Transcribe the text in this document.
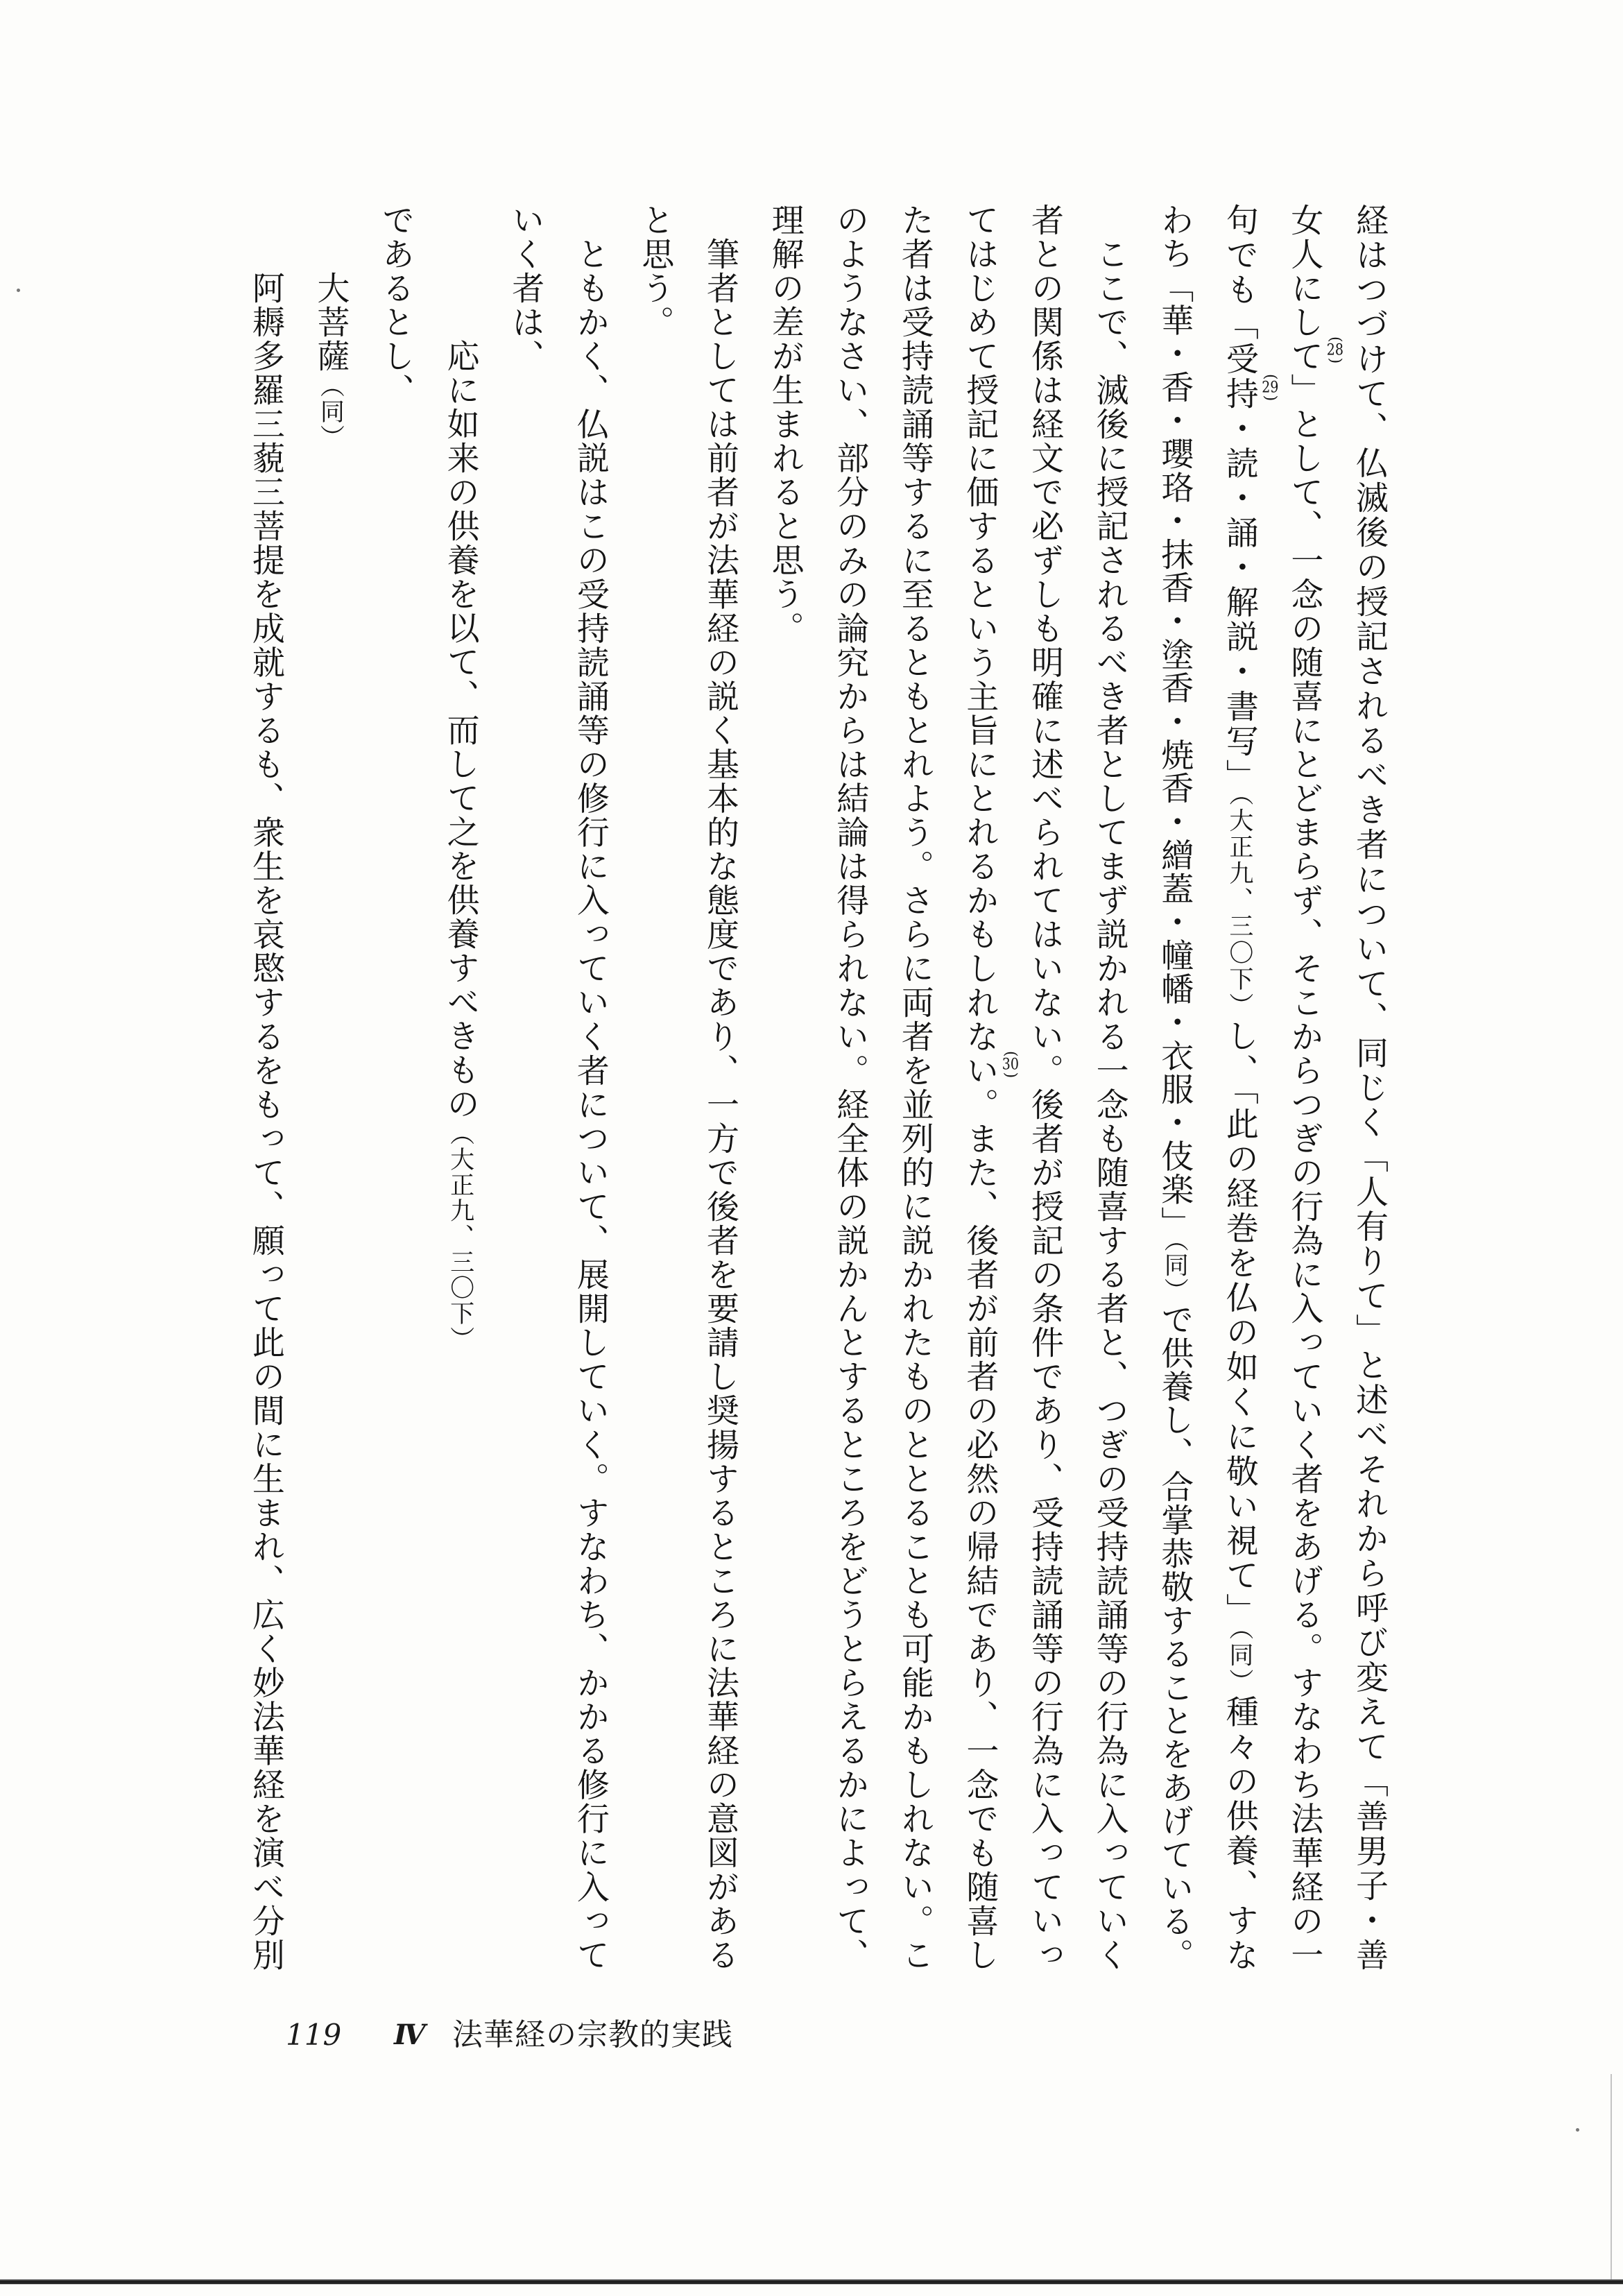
経はつづけて、仏滅後の授記されるべき者について、同じく「人有りて」と述べそれから呼び変えて「善男子・善
女人にして (28)
」として、一念の随喜にとどまらず、そこからつぎの行為に入っていく者をあげる。すなわち法華経の一
句でも「受持 (29)
・読・誦・解説・書写」（大正九、三〇下）し、「此の経巻を仏の如くに敬い視て」（同）種々の供養、すな
わち「華・香・瓔珞・抹香・塗香・焼香・繒蓋・幢幡・衣服・伎楽」（同）で供養し、合掌恭敬することをあげている。
ここで、滅後に授記されるべき者としてまず説かれる一念も随喜する者と、つぎの受持読誦等の行為に入っていく
者との関係は経文で必ずしも明確に述べられてはいない。後者が授記の条件であり、受持読誦等の行為に入っていっ
てはじめて授記に価するという主旨にとれるかもしれない (30)
。また、後者が前者の必然の帰結であり、一念でも随喜し
た者は受持読誦等するに至るともとれよう。さらに両者を並列的に説かれたものととることも可能かもしれない。こ
のようなさい、部分のみの論究からは結論は得られない。経全体の説かんとするところをどうとらえるかによって、
理解の差が生まれると思う。
筆者としては前者が法華経の説く基本的な態度であり、一方で後者を要請し奨揚するところに法華経の意図がある
と思う。
ともかく、仏説はこの受持読誦等の修行に入っていく者について、展開していく。すなわち、かかる修行に入って
いく者は、
応に如来の供養を以て、而して之を供養すべきもの（大正九、三〇下）
であるとし、
大菩薩（同）
阿耨多羅三藐三菩提を成就するも、衆生を哀愍するをもって、願って此の間に生まれ、広く妙法華経を演べ分別
119 Ⅳ 法華経の宗教的実践
